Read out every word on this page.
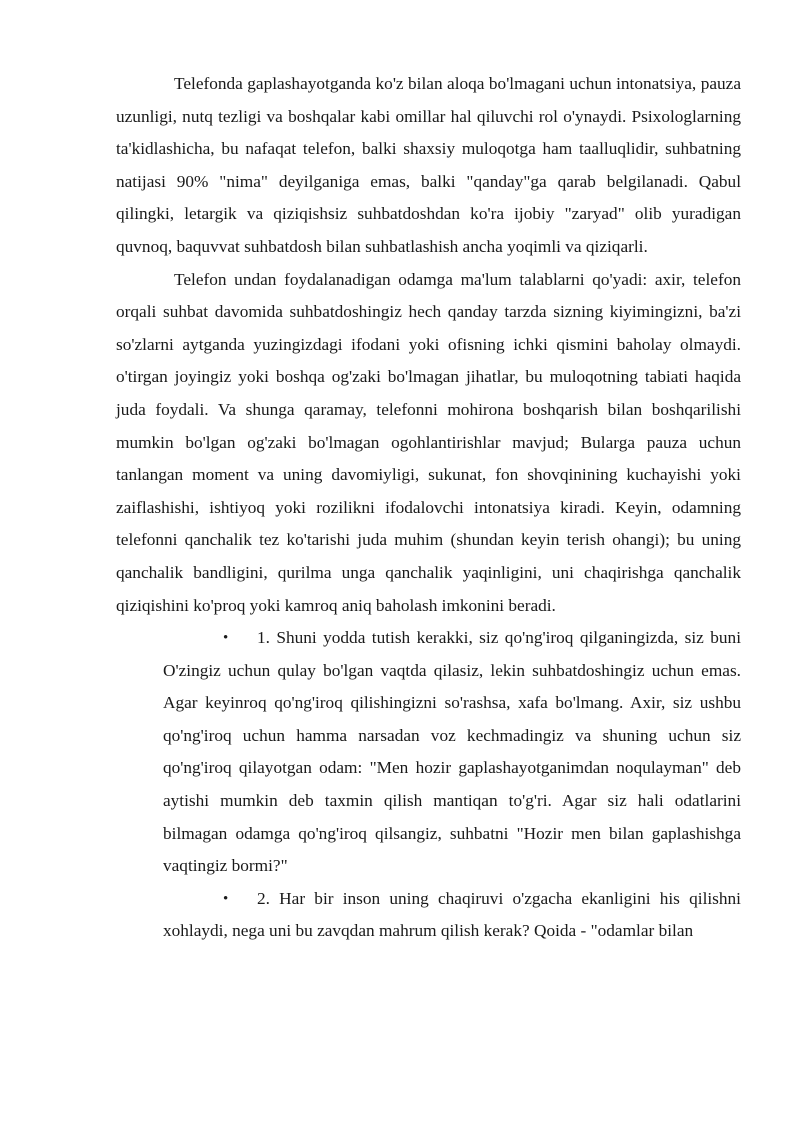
Telefonda gaplashayotganda ko'z bilan aloqa bo'lmagani uchun intonatsiya, pauza uzunligi, nutq tezligi va boshqalar kabi omillar hal qiluvchi rol o'ynaydi. Psixologlarning ta'kidlashicha, bu nafaqat telefon, balki shaxsiy muloqotga ham taalluqlidir, suhbatning natijasi 90% "nima" deyilganiga emas, balki "qanday"ga qarab belgilanadi. Qabul qilingki, letargik va qiziqishsiz suhbatdoshdan ko'ra ijobiy "zaryad" olib yuradigan quvnoq, baquvvat suhbatdosh bilan suhbatlashish ancha yoqimli va qiziqarli.

Telefon undan foydalanadigan odamga ma'lum talablarni qo'yadi: axir, telefon orqali suhbat davomida suhbatdoshingiz hech qanday tarzda sizning kiyimingizni, ba'zi so'zlarni aytganda yuzingizdagi ifodani yoki ofisning ichki qismini baholay olmaydi. o'tirgan joyingiz yoki boshqa og'zaki bo'lmagan jihatlar, bu muloqotning tabiati haqida juda foydali. Va shunga qaramay, telefonni mohirona boshqarish bilan boshqarilishi mumkin bo'lgan og'zaki bo'lmagan ogohlantirishlar mavjud; Bularga pauza uchun tanlangan moment va uning davomiyligi, sukunat, fon shovqinining kuchayishi yoki zaiflashishi, ishtiyoq yoki rozilikni ifodalovchi intonatsiya kiradi. Keyin, odamning telefonni qanchalik tez ko'tarishi juda muhim (shundan keyin terish ohangi); bu uning qanchalik bandligini, qurilma unga qanchalik yaqinligini, uni chaqirishga qanchalik qiziqishini ko'proq yoki kamroq aniq baholash imkonini beradi.

• 1. Shuni yodda tutish kerakki, siz qo'ng'iroq qilganingizda, siz buni O'zingiz uchun qulay bo'lgan vaqtda qilasiz, lekin suhbatdoshingiz uchun emas. Agar keyinroq qo'ng'iroq qilishingizni so'rashsa, xafa bo'lmang. Axir, siz ushbu qo'ng'iroq uchun hamma narsadan voz kechmadingiz va shuning uchun siz qo'ng'iroq qilayotgan odam: "Men hozir gaplashayotganimdan noqulayman" deb aytishi mumkin deb taxmin qilish mantiqan to'g'ri. Agar siz hali odatlarini bilmagan odamga qo'ng'iroq qilsangiz, suhbatni "Hozir men bilan gaplashishga vaqtingiz bormi?"
• 2. Har bir inson uning chaqiruvi o'zgacha ekanligini his qilishni xohlaydi, nega uni bu zavqdan mahrum qilish kerak? Qoida - "odamlar bilan
